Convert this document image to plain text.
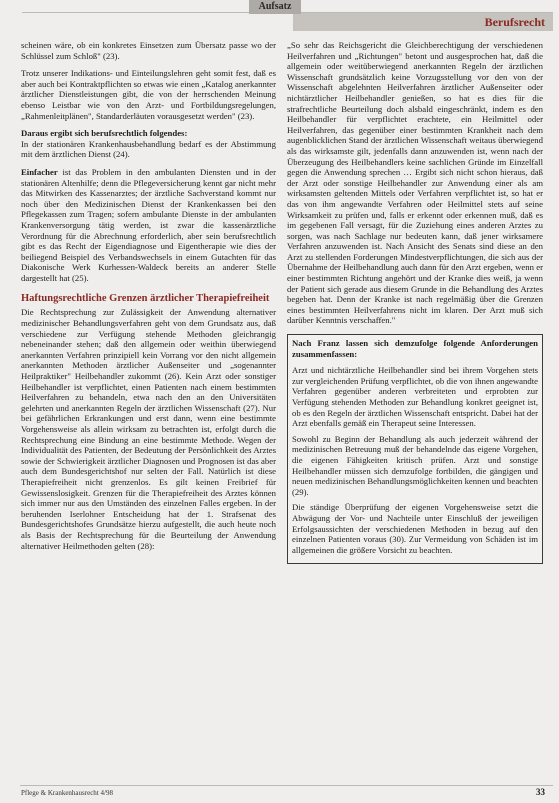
Aufsatz
Berufsrecht

scheinen wäre, ob ein konkretes Einsetzen zum Übersatz passe wo der Schlüssel zum Schloß" (23).

Trotz unserer Indikations- und Einteilungslehren geht somit fest, daß es aber auch bei Kontraktpflichten so etwas wie einen „Katalog anerkannter ärztlicher Dienstleistungen gibt, die von der herrschenden Meinung ebenso Leistbar wie von den Arzt- und Fortbildungsregelungen, „Rahmenleitplänen", Standarderläuten vorausgesetzt werden" (23).

Daraus ergibt sich berufsrechtlich folgendes:

In der stationären Krankenhausbehandlung bedarf es der Abstimmung mit dem ärztlichen Dienst (24).

Einfacher ist das Problem in den ambulanten Diensten und in der stationären Altenhilfe; denn die Pflegeversicherung kennt gar nicht mehr das Mitwirken des Kassenarztes; der ärztliche Sachverstand kommt nur noch über den Medizinischen Dienst der Krankenkassen bei den Pflegekassen zum Tragen; sofern ambulante Dienste in der ambulanten Krankenversorgung tätig werden, ist zwar die kassenärztliche Verordnung für die Abrechnung erforderlich, aber sein berufsrechtlich gibt es das Recht der Eigendiagnose und Eigentherapie wie dies der beiliegend Beispiel des Verbandswechsels in einem Gutachten für das Diakonische Werk Kurhessen-Waldeck bereits an anderer Stelle dargestellt hat (25).

Haftungsrechtliche Grenzen ärztlicher Therapiefreiheit

Die Rechtsprechung zur Zulässigkeit der Anwendung alternativer medizinischer Behandlungsverfahren geht von dem Grundsatz aus, daß verschiedene zur Verfügung stehende Methoden gleichrangig nebeneinander stehen; daß den allgemein oder weithin überwiegend anerkannten Verfahren prinzipiell kein Vorrang vor den nicht allgemein anerkannten Methoden ärztlicher Außenseiter und „sogenannter Heilpraktiker" Heilbehandler zukommt (26). Kein Arzt oder sonstiger Heilbehandler ist verpflichtet, einen Patienten nach einem bestimmten Heilverfahren zu behandeln, etwa nach den an den Universitäten gelehrten und anerkannten Regeln der ärztlichen Wissenschaft (27). Nur bei gefährlichen Erkrankungen und erst dann, wenn eine bestimmte Vorgehensweise als allein wirksam zu betrachten ist, erfolgt durch die Rechtsprechung eine Bindung an eine bestimmte Methode. Wegen der Individualität des Patienten, der Bedeutung der Persönlichkeit des Arztes sowie der Schwierigkeit ärztlicher Diagnosen und Prognosen ist das aber auch dem Bundesgerichtshof nur selten der Fall. Natürlich ist diese Therapiefreiheit nicht grenzenlos. Es gilt keinen Freibrief für Gewissenslosigkeit. Grenzen für die Therapiefreiheit des Arztes können sich immer nur aus den Umständen des einzelnen Falles ergeben. In der beruhenden Iserlohner Entscheidung hat der 1. Strafsenat des Bundesgerichtshofes Grundsätze hierzu aufgestellt, die auch heute noch als Basis der Rechtsprechung für die Beurteilung der Anwendung alternativer Heilmethoden gelten (28):

„So sehr das Reichsgericht die Gleichberechtigung der verschiedenen Heilverfahren und „Richtungen" betont und ausgesprochen hat, daß die allgemein oder weitüberwiegend anerkannten Regeln der ärztlichen Wissenschaft grundsätzlich keine Vorzugsstellung vor den von der Wissenschaft abgelehnten Heilverfahren ärztlicher Außenseiter oder nichtärztlicher Heilbehandler genießen, so hat es dies für die strafrechtliche Beurteilung doch alsbald eingeschränkt, indem es den Heilbehandler für verpflichtet erachtete, ein Heilmittel oder Heilverfahren, das gegenüber einer bestimmten Krankheit nach dem augenblicklichen Stand der ärztlichen Wissenschaft weitaus überwiegend als das wirksamste gilt, jedenfalls dann anzuwenden ist, wenn nach der Überzeugung des Heilbehandlers keine sachlichen Gründe im Einzelfall gegen die Anwendung sprechen … Ergibt sich nicht schon hieraus, daß der Arzt oder sonstige Heilbehandler zur Anwendung einer als am wirksamsten geltenden Mittels oder Verfahren verpflichtet ist, so hat er das von ihm angewandte Verfahren oder Heilmittel stets auf seine Wirksamkeit zu prüfen und, falls er erkennt oder erkennen muß, daß es im gegebenen Fall versagt, für die Zuziehung eines anderen Arztes zu sorgen, was nach Sachlage nur bedeuten kann, daß jener wirksamere Verfahren anzuwenden ist. Nach Ansicht des Senats sind diese an den Arzt zu stellenden Forderungen Mindestverpflichtungen, die sich aus der Übernahme der Heilbehandlung auch dann für den Arzt ergeben, wenn er einer bestimmten Richtung angehört und der Kranke dies weiß, ja wenn der Patient sich gerade aus diesem Grunde in die Behandlung des Arztes begeben hat. Denn der Kranke ist nach regelmäßig über die Grenzen eines bestimmten Heilverfahrens nicht im klaren. Der Arzt muß sich darüber Kenntnis verschaffen."

Nach Franz lassen sich demzufolge folgende Anforderungen zusammenfassen:

Arzt und nichtärztliche Heilbehandler sind bei ihrem Vorgehen stets zur vergleichenden Prüfung verpflichtet, ob die von ihnen angewandte Verfahren gegenüber anderen verbreiteten und erprobten zur Verfügung stehenden Methoden zur Behandlung konkret geeignet ist, ob es den Regeln der ärztlichen Wissenschaft entspricht. Dabei hat der Arzt ebenfalls gemäß ein Therapeut seine Interessen.

Sowohl zu Beginn der Behandlung als auch jederzeit während der medizinischen Betreuung muß der behandelnde das eigene Vorgehen, die eigenen Fähigkeiten kritisch prüfen. Arzt und sonstige Heilbehandler müssen sich demzufolge fortbilden, die gängigen und neuen medizinischen Behandlungsmöglichkeiten kennen und beachten (29).

Die ständige Überprüfung der eigenen Vorgehensweise setzt die Abwägung der Vor- und Nachteile unter Einschluß der jeweiligen Erfolgsaussichten der verschiedenen Methoden in bezug auf den einzelnen Patienten voraus (30). Zur Vermeidung von Schäden ist im allgemeinen die größere Vorsicht zu beachten.

Pflege & Krankenhausrecht 4/98	33
